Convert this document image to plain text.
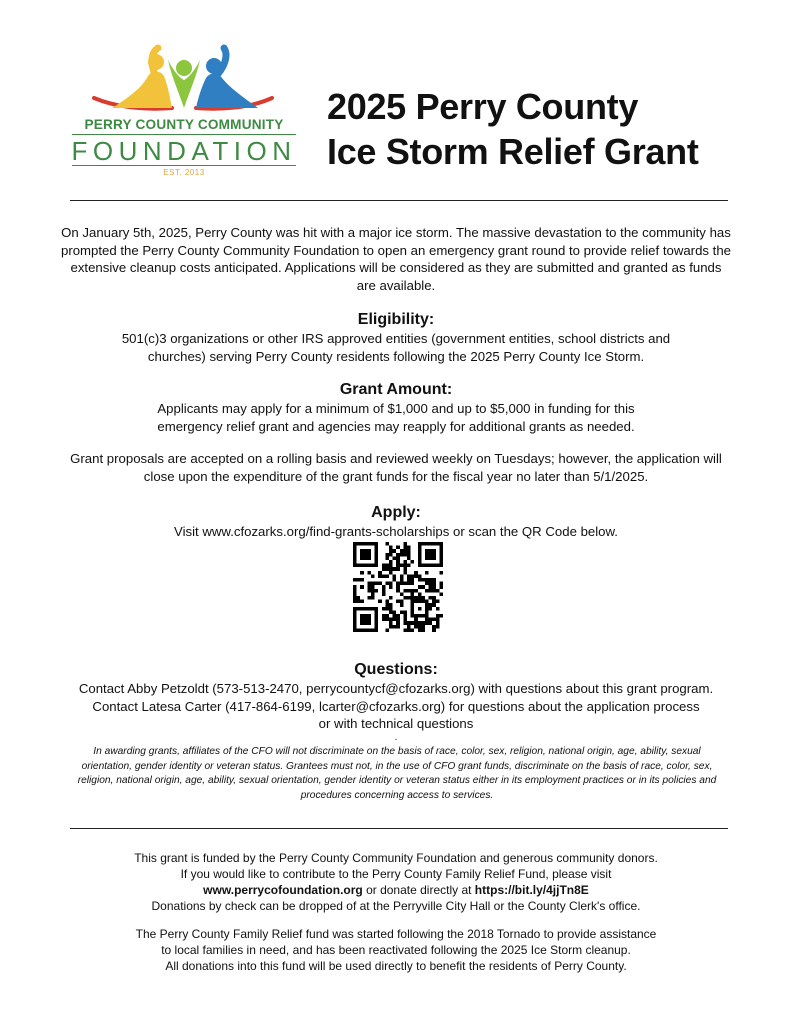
PERRY COUNTY COMMUNITY
FOUNDATION
EST. 2013
2025 Perry County
Ice Storm Relief Grant
On January 5th, 2025, Perry County was hit with a major ice storm. The massive devastation to the community has prompted the Perry County Community Foundation to open an emergency grant round to provide relief towards the extensive cleanup costs anticipated. Applications will be considered as they are submitted and granted as funds are available.
Eligibility:
501(c)3 organizations or other IRS approved entities (government entities, school districts and churches) serving Perry County residents following the 2025 Perry County Ice Storm.
Grant Amount:
Applicants may apply for a minimum of $1,000 and up to $5,000 in funding for this emergency relief grant and agencies may reapply for additional grants as needed.
Grant proposals are accepted on a rolling basis and reviewed weekly on Tuesdays; however, the application will close upon the expenditure of the grant funds for the fiscal year no later than 5/1/2025.
Apply:
Visit www.cfozarks.org/find-grants-scholarships or scan the QR Code below.
Questions:
Contact Abby Petzoldt (573-513-2470, perrycountycf@cfozarks.org) with questions about this grant program.
Contact Latesa Carter (417-864-6199, lcarter@cfozarks.org) for questions about the application process
or with technical questions
.
In awarding grants, affiliates of the CFO will not discriminate on the basis of race, color, sex, religion, national origin, age, ability, sexual orientation, gender identity or veteran status. Grantees must not, in the use of CFO grant funds, discriminate on the basis of race, color, sex, religion, national origin, age, ability, sexual orientation, gender identity or veteran status either in its employment practices or in its policies and procedures concerning access to services.
This grant is funded by the Perry County Community Foundation and generous community donors.
If you would like to contribute to the Perry County Family Relief Fund, please visit
www.perrycofoundation.org or donate directly at https://bit.ly/4jjTn8E
Donations by check can be dropped of at the Perryville City Hall or the County Clerk's office.
The Perry County Family Relief fund was started following the 2018 Tornado to provide assistance
to local families in need, and has been reactivated following the 2025 Ice Storm cleanup.
All donations into this fund will be used directly to benefit the residents of Perry County.
